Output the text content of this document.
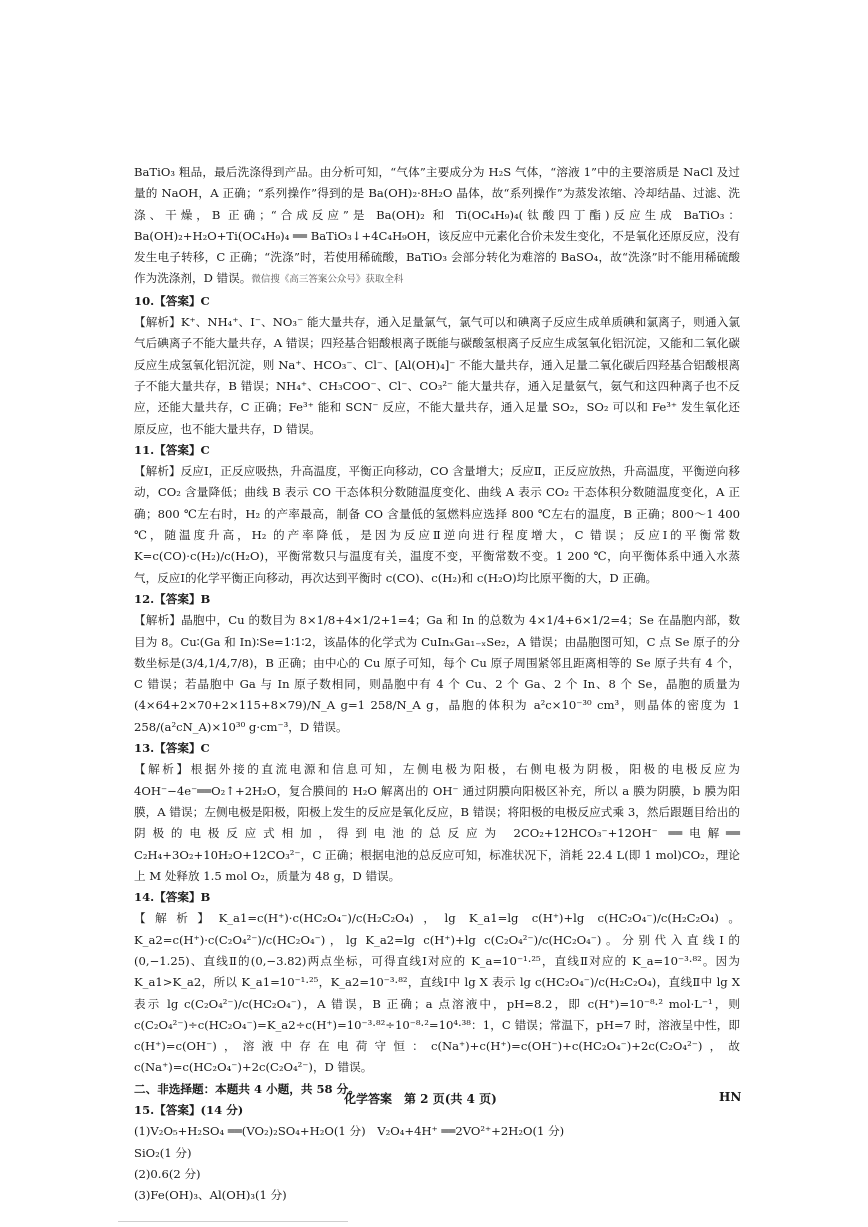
BaTiO₃ 粗品，最后洗涤得到产品。由分析可知，“气体”主要成分为 H₂S 气体，“溶液 1”中的主要溶质是 NaCl 及过量的 NaOH，A 正确；“系列操作”得到的是 Ba(OH)₂·8H₂O 晶体，故“系列操作”为蒸发浓缩、冷却结晶、过滤、洗涤、干燥，B 正确；“合成反应”是 Ba(OH)₂ 和 Ti(OC₄H₉)₄(钛酸四丁酯)反应生成 BaTiO₃：Ba(OH)₂+H₂O+Ti(OC₄H₉)₄ ══ BaTiO₃↓+4C₄H₉OH，该反应中元素化合价未发生变化，不是氧化还原反应，没有发生电子转移，C 正确；“洗涤”时，若使用稀硫酸，BaTiO₃ 会部分转化为难溶的 BaSO₄，故“洗涤”时不能用稀硫酸作为洗涤剂，D 错误。微信搜《高三答案公众号》获取全科

10.【答案】C

【解析】K⁺、NH₄⁺、I⁻、NO₃⁻ 能大量共存，通入足量氯气，氯气可以和碘离子反应生成单质碘和氯离子，则通入氯气后碘离子不能大量共存，A 错误；四羟基合铝酸根离子既能与碳酸氢根离子反应生成氢氧化铝沉淀，又能和二氧化碳反应生成氢氧化铝沉淀，则 Na⁺、HCO₃⁻、Cl⁻、[Al(OH)₄]⁻ 不能大量共存，通入足量二氧化碳后四羟基合铝酸根离子不能大量共存，B 错误；NH₄⁺、CH₃COO⁻、Cl⁻、CO₃²⁻ 能大量共存，通入足量氨气，氨气和这四种离子也不反应，还能大量共存，C 正确；Fe³⁺ 能和 SCN⁻ 反应，不能大量共存，通入足量 SO₂，SO₂ 可以和 Fe³⁺ 发生氧化还原反应，也不能大量共存，D 错误。

11.【答案】C

【解析】反应Ⅰ，正反应吸热，升高温度，平衡正向移动，CO 含量增大；反应Ⅱ，正反应放热，升高温度，平衡逆向移动，CO₂ 含量降低；曲线 B 表示 CO 干态体积分数随温度变化、曲线 A 表示 CO₂ 干态体积分数随温度变化，A 正确；800 ℃左右时，H₂ 的产率最高，制备 CO 含量低的氢燃料应选择 800 ℃左右的温度，B 正确；800～1 400 ℃，随温度升高，H₂ 的产率降低，是因为反应Ⅱ逆向进行程度增大，C 错误；反应Ⅰ的平衡常数 K=c(CO)·c(H₂)/c(H₂O)，平衡常数只与温度有关，温度不变，平衡常数不变。1 200 ℃，向平衡体系中通入水蒸气，反应Ⅰ的化学平衡正向移动，再次达到平衡时 c(CO)、c(H₂)和 c(H₂O)均比原平衡的大，D 正确。

12.【答案】B

【解析】晶胞中，Cu 的数目为 8×1/8+4×1/2+1=4；Ga 和 In 的总数为 4×1/4+6×1/2=4；Se 在晶胞内部，数目为 8。Cu∶(Ga 和 In)∶Se=1∶1∶2，该晶体的化学式为 CuInₓGa₁₋ₓSe₂，A 错误；由晶胞图可知，C 点 Se 原子的分数坐标是(3/4,1/4,7/8)，B 正确；由中心的 Cu 原子可知，每个 Cu 原子周围紧邻且距离相等的 Se 原子共有 4 个，C 错误；若晶胞中 Ga 与 In 原子数相同，则晶胞中有 4 个 Cu、2 个 Ga、2 个 In、8 个 Se，晶胞的质量为 (4×64+2×70+2×115+8×79)/N_A g=1 258/N_A g，晶胞的体积为 a²c×10⁻³⁰ cm³，则晶体的密度为 1 258/(a²cN_A)×10³⁰ g·cm⁻³，D 错误。

13.【答案】C

【解析】根据外接的直流电源和信息可知，左侧电极为阳极，右侧电极为阴极，阳极的电极反应为 4OH⁻−4e⁻══O₂↑+2H₂O，复合膜间的 H₂O 解离出的 OH⁻ 通过阴膜向阳极区补充，所以 a 膜为阴膜，b 膜为阳膜，A 错误；左侧电极是阳极，阳极上发生的反应是氧化反应，B 错误；将阳极的电极反应式乘 3，然后跟题目给出的阴极的电极反应式相加，得到电池的总反应为 2CO₂+12HCO₃⁻+12OH⁻ ══电解══ C₂H₄+3O₂+10H₂O+12CO₃²⁻，C 正确；根据电池的总反应可知，标准状况下，消耗 22.4 L(即 1 mol)CO₂，理论上 M 处释放 1.5 mol O₂，质量为 48 g，D 错误。

14.【答案】B

【解析】K_a1=c(H⁺)·c(HC₂O₄⁻)/c(H₂C₂O₄)，lg K_a1=lg c(H⁺)+lg c(HC₂O₄⁻)/c(H₂C₂O₄)。K_a2=c(H⁺)·c(C₂O₄²⁻)/c(HC₂O₄⁻)，lg K_a2=lg c(H⁺)+lg c(C₂O₄²⁻)/c(HC₂O₄⁻)。分别代入直线Ⅰ的(0,−1.25)、直线Ⅱ的(0,−3.82)两点坐标，可得直线Ⅰ对应的 K_a=10⁻¹·²⁵，直线Ⅱ对应的 K_a=10⁻³·⁸²。因为 K_a1>K_a2，所以 K_a1=10⁻¹·²⁵，K_a2=10⁻³·⁸²，直线Ⅰ中 lg X 表示 lg c(HC₂O₄⁻)/c(H₂C₂O₄)，直线Ⅱ中 lg X 表示 lg c(C₂O₄²⁻)/c(HC₂O₄⁻)，A 错误，B 正确；a 点溶液中，pH=8.2，即 c(H⁺)=10⁻⁸·² mol·L⁻¹，则 c(C₂O₄²⁻)÷c(HC₂O₄⁻)=K_a2÷c(H⁺)=10⁻³·⁸²÷10⁻⁸·²=10⁴·³⁸：1，C 错误；常温下，pH=7 时，溶液呈中性，即 c(H⁺)=c(OH⁻)，溶液中存在电荷守恒：c(Na⁺)+c(H⁺)=c(OH⁻)+c(HC₂O₄⁻)+2c(C₂O₄²⁻)，故 c(Na⁺)=c(HC₂O₄⁻)+2c(C₂O₄²⁻)，D 错误。

二、非选择题：本题共 4 小题，共 58 分。

15.【答案】(14 分)

(1)V₂O₅+H₂SO₄ ══(VO₂)₂SO₄+H₂O(1 分)　V₂O₄+4H⁺ ══2VO²⁺+2H₂O(1 分)

SiO₂(1 分)

(2)0.6(2 分)

(3)Fe(OH)₃、Al(OH)₃(1 分)

化学答案　第 2 页(共 4 页)	HN
